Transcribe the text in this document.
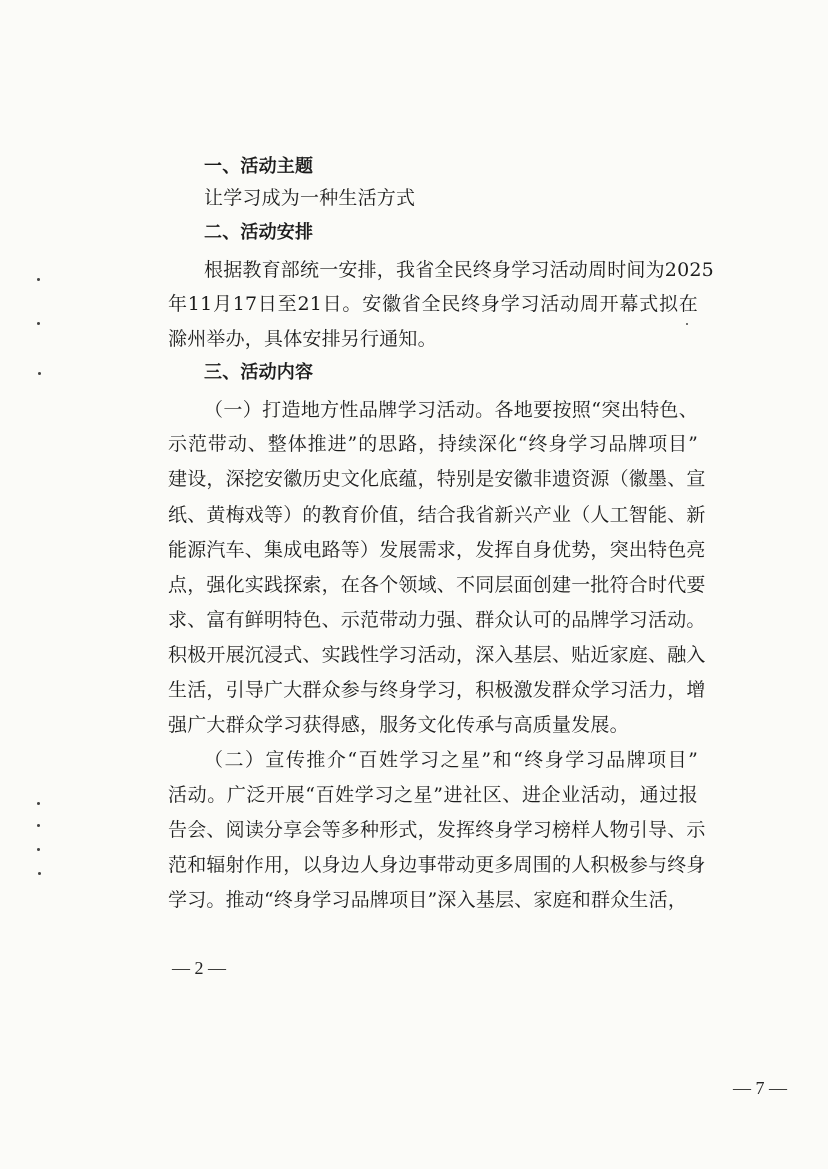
一、活动主题
让学习成为一种生活方式
二、活动安排
根据教育部统一安排，我省全民终身学习活动周时间为2025
年11月17日至21日。安徽省全民终身学习活动周开幕式拟在
滁州举办，具体安排另行通知。
三、活动内容
（一）打造地方性品牌学习活动。各地要按照“突出特色、
示范带动、整体推进”的思路，持续深化“终身学习品牌项目”
建设，深挖安徽历史文化底蕴，特别是安徽非遗资源（徽墨、宣
纸、黄梅戏等）的教育价值，结合我省新兴产业（人工智能、新
能源汽车、集成电路等）发展需求，发挥自身优势，突出特色亮
点，强化实践探索，在各个领域、不同层面创建一批符合时代要
求、富有鲜明特色、示范带动力强、群众认可的品牌学习活动。
积极开展沉浸式、实践性学习活动，深入基层、贴近家庭、融入
生活，引导广大群众参与终身学习，积极激发群众学习活力，增
强广大群众学习获得感，服务文化传承与高质量发展。
（二）宣传推介“百姓学习之星”和“终身学习品牌项目”
活动。广泛开展“百姓学习之星”进社区、进企业活动，通过报
告会、阅读分享会等多种形式，发挥终身学习榜样人物引导、示
范和辐射作用，以身边人身边事带动更多周围的人积极参与终身
学习。推动“终身学习品牌项目”深入基层、家庭和群众生活，
— 2 —
— 7 —
